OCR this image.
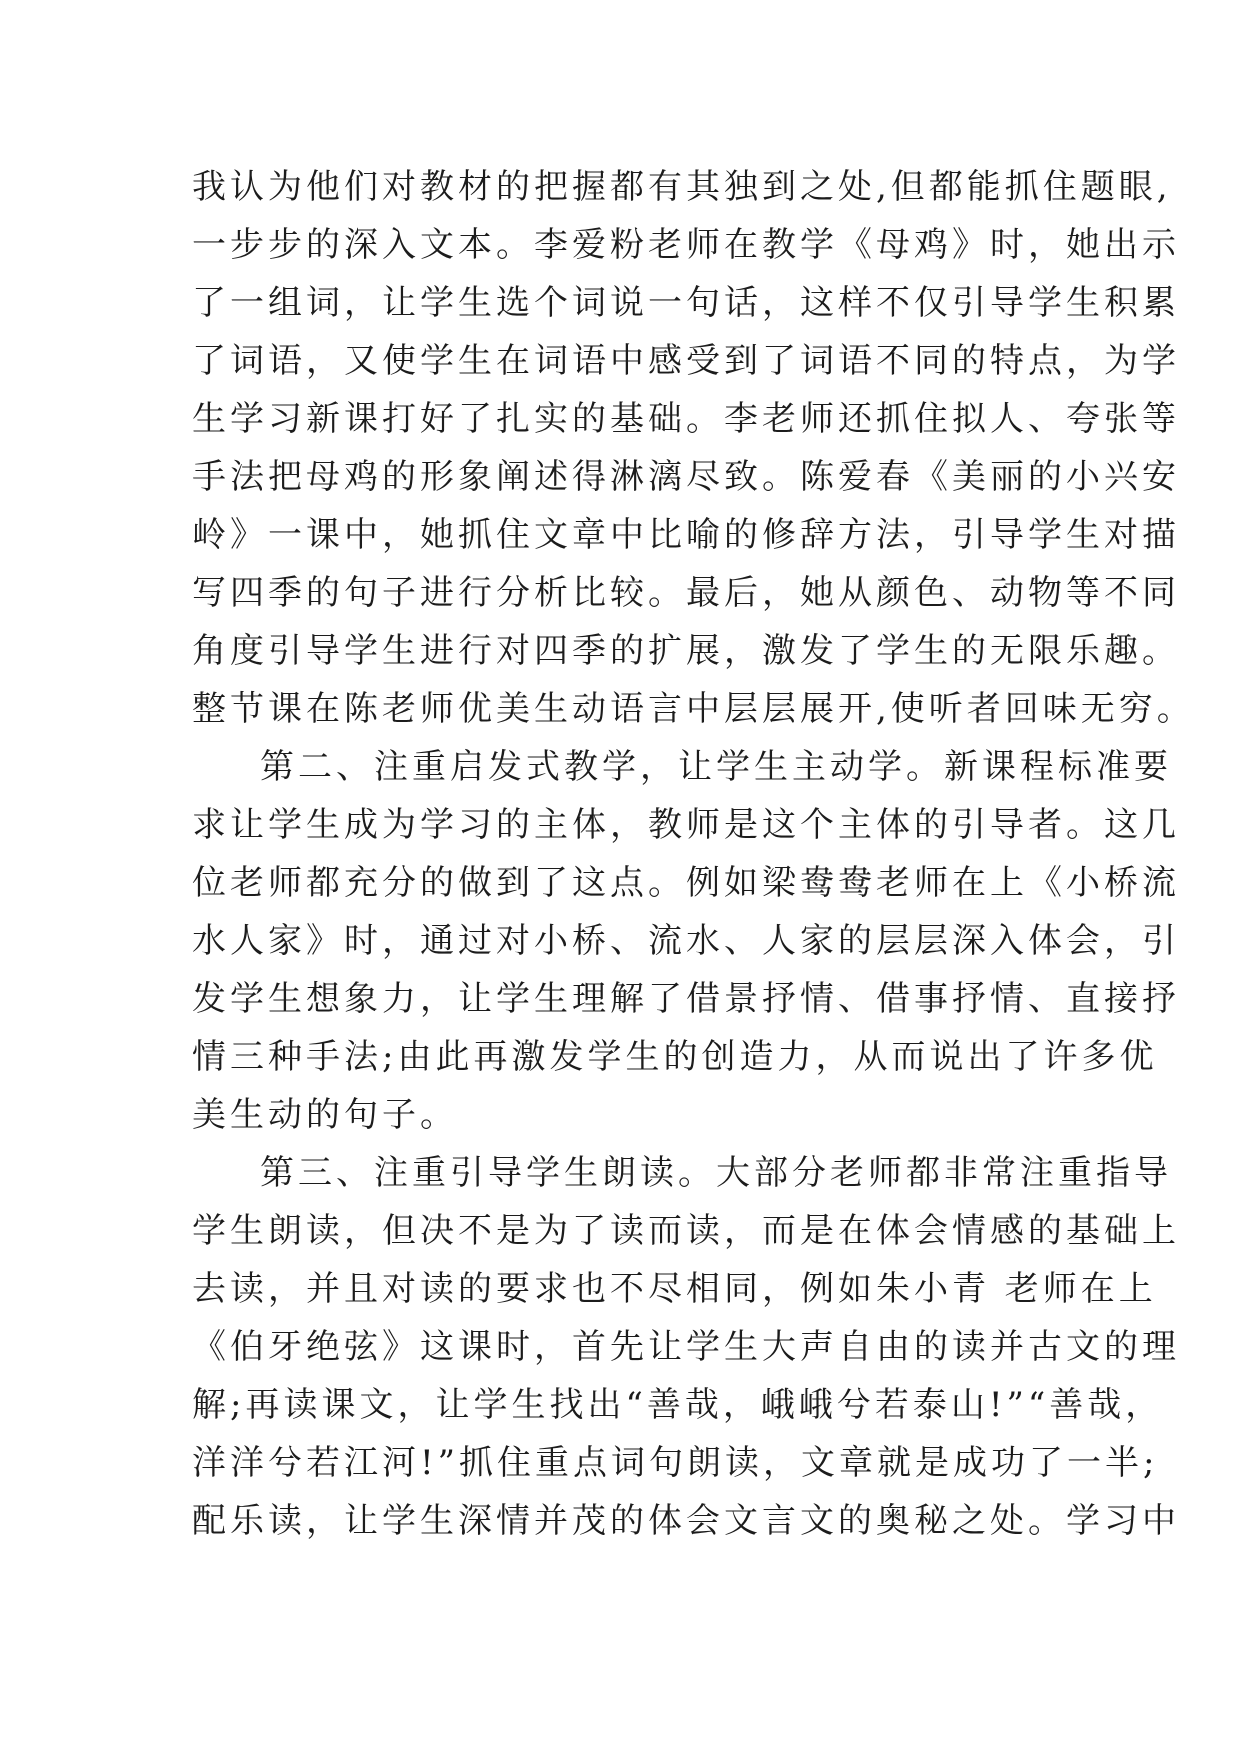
我认为他们对教材的把握都有其独到之处,但都能抓住题眼,
一步步的深入文本。李爱粉老师在教学《母鸡》时，她出示
了一组词，让学生选个词说一句话，这样不仅引导学生积累
了词语，又使学生在词语中感受到了词语不同的特点，为学
生学习新课打好了扎实的基础。李老师还抓住拟人、夸张等
手法把母鸡的形象阐述得淋漓尽致。陈爱春《美丽的小兴安
岭》一课中，她抓住文章中比喻的修辞方法，引导学生对描
写四季的句子进行分析比较。最后，她从颜色、动物等不同
角度引导学生进行对四季的扩展，激发了学生的无限乐趣。
整节课在陈老师优美生动语言中层层展开,使听者回味无穷。
第二、注重启发式教学，让学生主动学。新课程标准要
求让学生成为学习的主体，教师是这个主体的引导者。这几
位老师都充分的做到了这点。例如梁鸯鸯老师在上《小桥流
水人家》时，通过对小桥、流水、人家的层层深入体会，引
发学生想象力，让学生理解了借景抒情、借事抒情、直接抒
情三种手法;由此再激发学生的创造力，从而说出了许多优
美生动的句子。
第三、注重引导学生朗读。大部分老师都非常注重指导
学生朗读，但决不是为了读而读，而是在体会情感的基础上
去读，并且对读的要求也不尽相同，例如朱小青 老师在上
《伯牙绝弦》这课时，首先让学生大声自由的读并古文的理
解;再读课文，让学生找出“善哉，峨峨兮若泰山!”“善哉，
洋洋兮若江河!”抓住重点词句朗读，文章就是成功了一半;
配乐读，让学生深情并茂的体会文言文的奥秘之处。学习中
